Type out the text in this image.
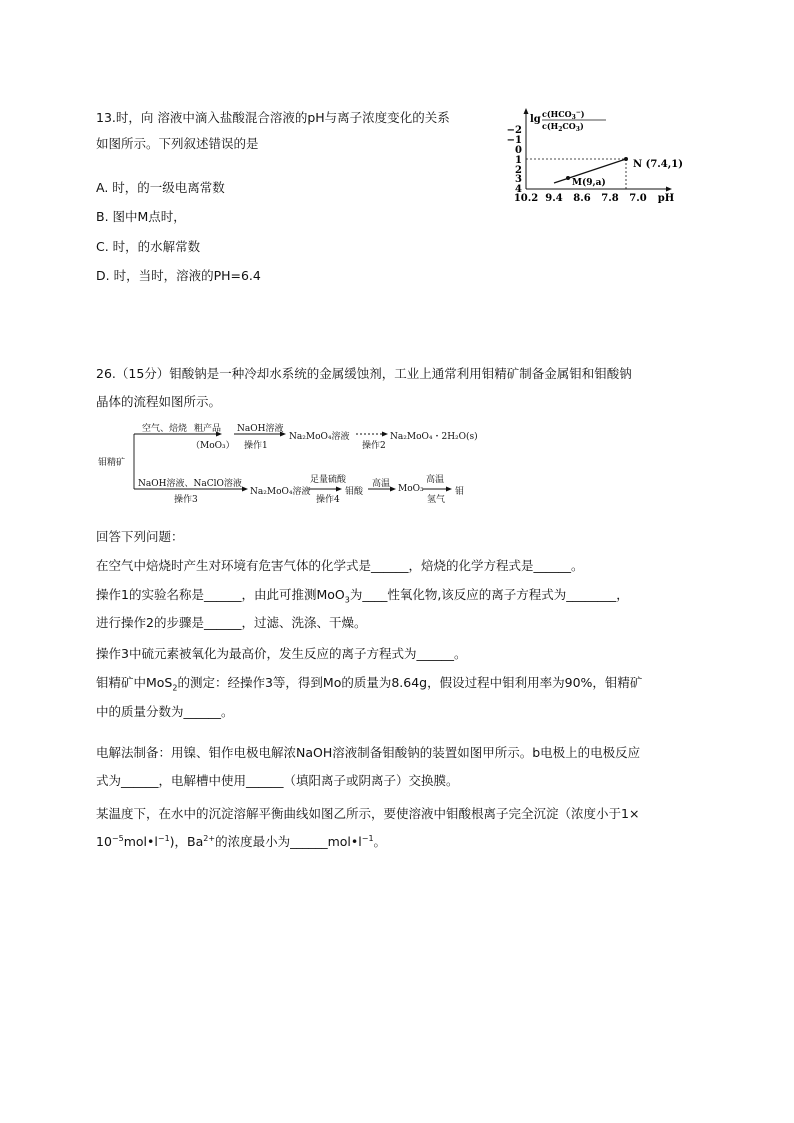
13.时，向 溶液中滴入盐酸混合溶液的pH与离子浓度变化的关系
如图所示。下列叙述错误的是
A. 时，的一级电离常数
B. 图中M点时，
C. 时，的水解常数
D. 时，当时，溶液的PH=6.4
$\lg c(HCO_3^-)$
$c(H_2CO_3)$
−2
−1
0
1
2
3
4
10.2 9.4 8.6 7.8 7.0 pH
N (7.4,1)
M(9,a)
26.（15分）钼酸钠是一种冷却水系统的金属缓蚀剂，工业上通常利用钼精矿制备金属钼和钼酸钠
晶体的流程如图所示。
钼精矿
空气、焙烧 粗产品
（MoO₃）
NaOH溶液
操作1
Na₂MoO₄溶液
操作2
Na₂MoO₄・2H₂O(s)
NaOH溶液、NaClO溶液
操作3
Na₂MoO₄溶液
足量硫酸
操作4
钼酸
高温 MoO₃
高温
氢气
钼
回答下列问题：
在空气中焙烧时产生对环境有危害气体的化学式是______，焙烧的化学方程式是______。
操作1的实验名称是______，由此可推测MoO$_3$为____性氧化物,该反应的离子方程式为________，
进行操作2的步骤是______，过滤、洗涤、干燥。
操作3中硫元素被氧化为最高价，发生反应的离子方程式为______。
钼精矿中MoS$_2$的测定：经操作3等，得到Mo的质量为8.64g，假设过程中钼利用率为90%，钼精矿
中的质量分数为______。
电解法制备：用镍、钼作电极电解浓NaOH溶液制备钼酸钠的装置如图甲所示。b电极上的电极反应
式为______，电解槽中使用______（填阳离子或阴离子）交换膜。
某温度下，在水中的沉淀溶解平衡曲线如图乙所示，要使溶液中钼酸根离子完全沉淀（浓度小于1×
$10^{-5}mol•l^{-1}$)，$Ba^{2+}$的浓度最小为$\_\_\_\_\_\_mol•l^{-1}$。
